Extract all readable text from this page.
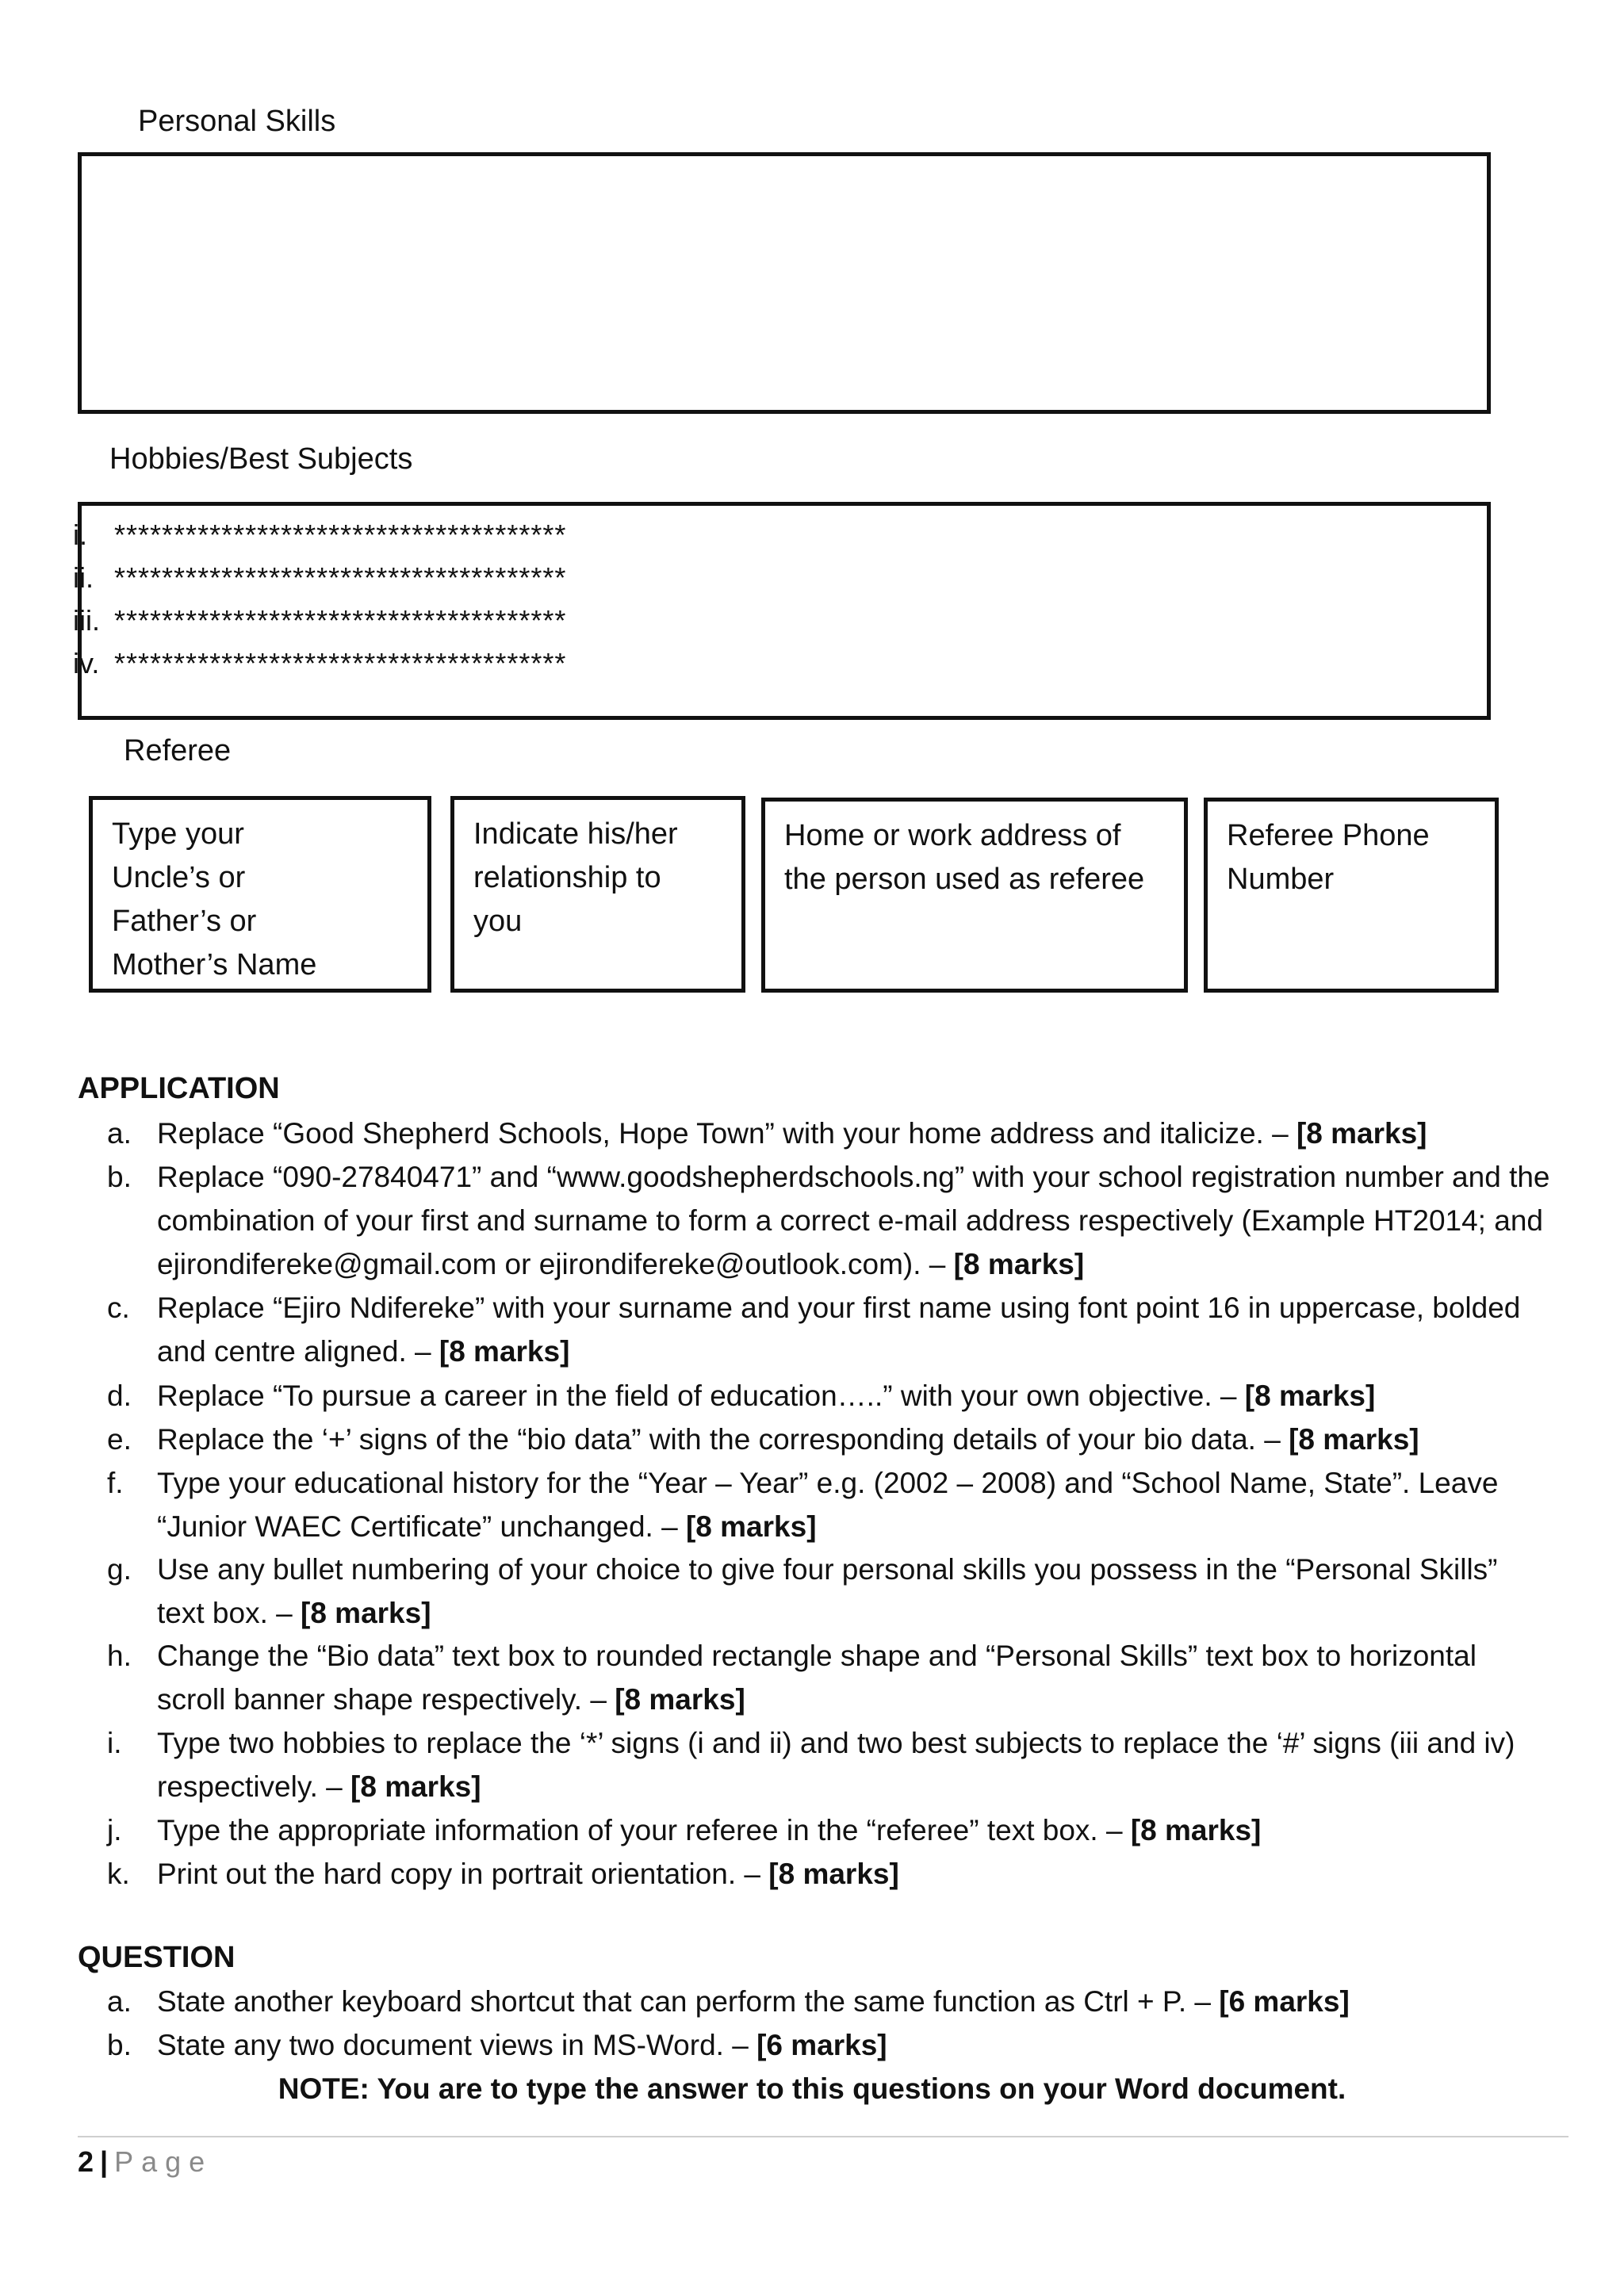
Personal Skills
Hobbies/Best Subjects
i. **************************************
ii. **************************************
iii. **************************************
iv. **************************************
Referee
Type your
Uncle’s or
Father’s or
Mother’s Name
Indicate his/her
relationship to
you
Home or work address of
the person used as referee
Referee Phone
Number
APPLICATION
a. Replace “Good Shepherd Schools, Hope Town” with your home address and italicize. – [8 marks]
b. Replace “090-27840471” and “www.goodshepherdschools.ng” with your school registration number and the combination of your first and surname to form a correct e-mail address respectively (Example HT2014; and ejirondifereke@gmail.com or ejirondifereke@outlook.com). – [8 marks]
c. Replace “Ejiro Ndifereke” with your surname and your first name using font point 16 in uppercase, bolded and centre aligned. – [8 marks]
d. Replace “To pursue a career in the field of education…..” with your own objective. – [8 marks]
e. Replace the ‘+’ signs of the “bio data” with the corresponding details of your bio data. – [8 marks]
f.	Type your educational history for the “Year – Year” e.g. (2002 – 2008) and “School Name, State”. Leave “Junior WAEC Certificate” unchanged. – [8 marks]
g. Use any bullet numbering of your choice to give four personal skills you possess in the “Personal Skills” text box. – [8 marks]
h. Change the “Bio data” text box to rounded rectangle shape and “Personal Skills” text box to horizontal scroll banner shape respectively. – [8 marks]
i.	Type two hobbies to replace the ‘*’ signs (i and ii) and two best subjects to replace the ‘#’ signs (iii and iv) respectively. – [8 marks]
j.	Type the appropriate information of your referee in the “referee” text box. – [8 marks]
k. Print out the hard copy in portrait orientation. – [8 marks]
QUESTION
a. State another keyboard shortcut that can perform the same function as Ctrl + P. – [6 marks]
b. State any two document views in MS-Word. – [6 marks]
NOTE: You are to type the answer to this questions on your Word document.
2 | Page
